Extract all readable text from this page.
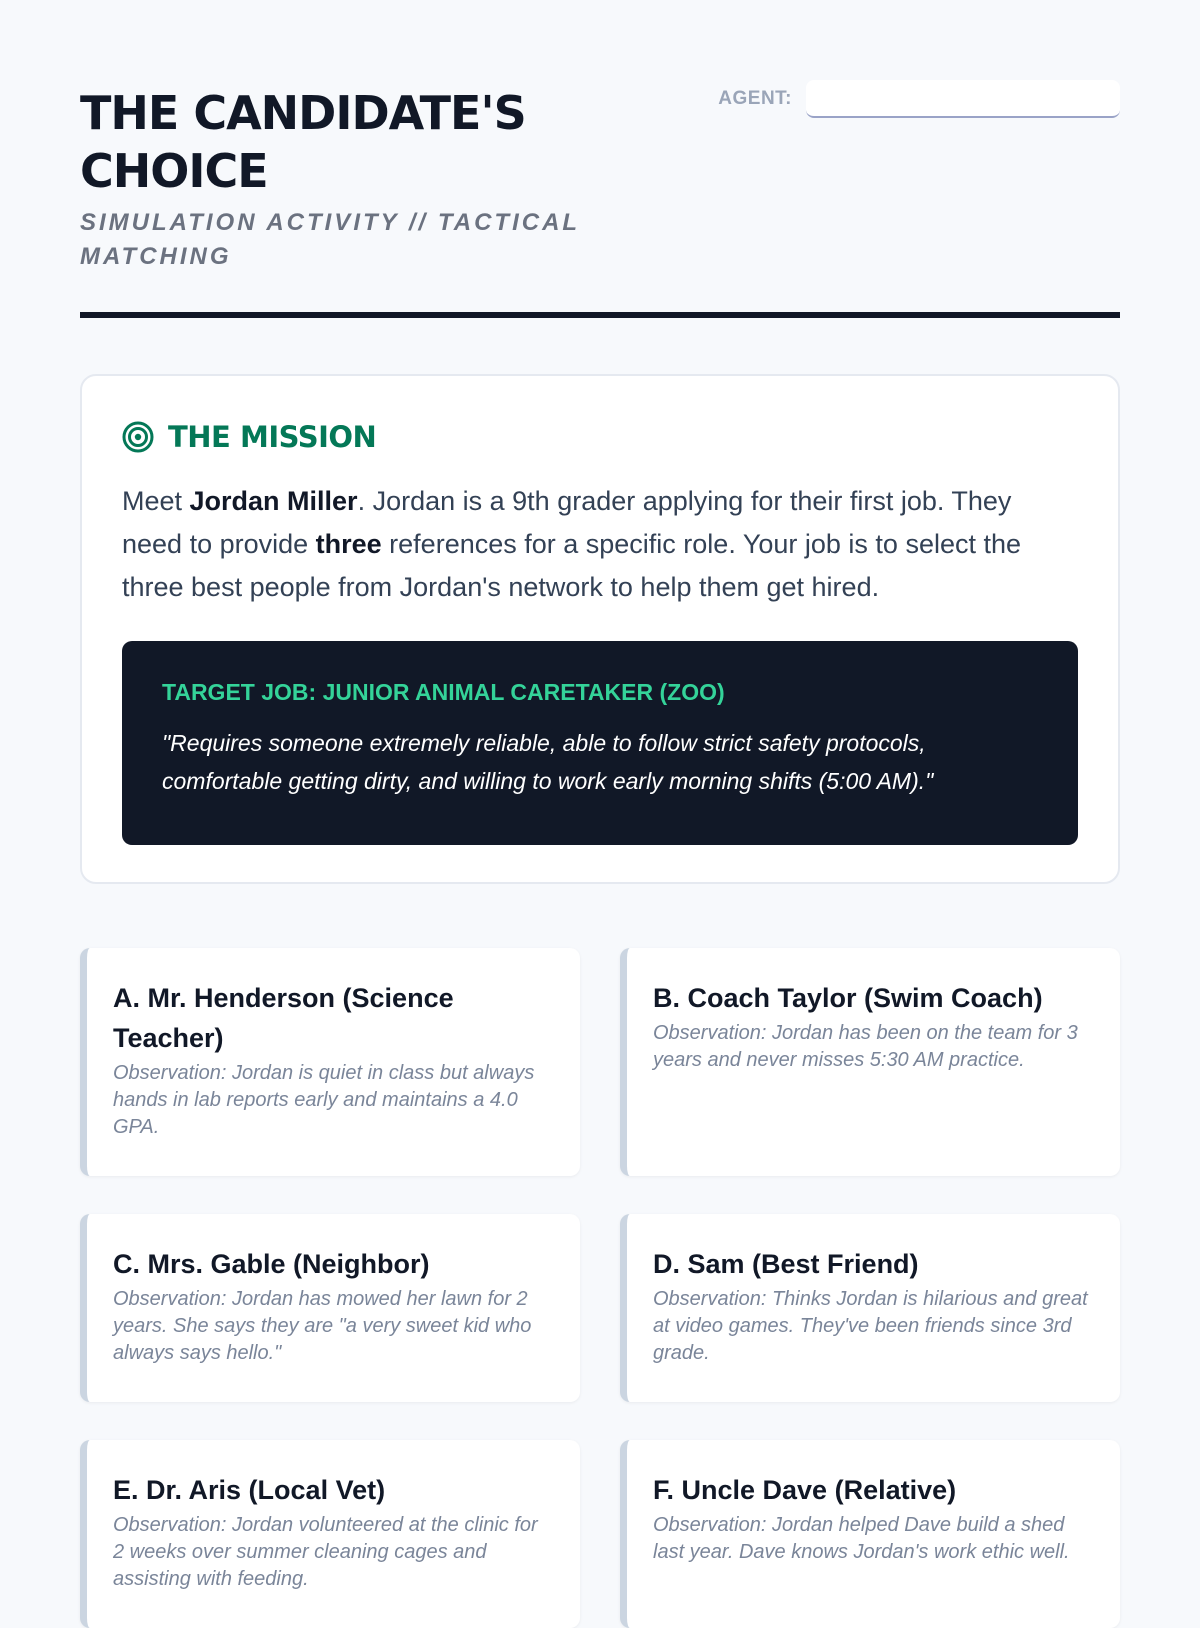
THE CANDIDATE'S CHOICE
SIMULATION ACTIVITY // TACTICAL MATCHING
AGENT:
THE MISSION

Meet Jordan Miller. Jordan is a 9th grader applying for their first job. They need to provide three references for a specific role. Your job is to select the three best people from Jordan's network to help them get hired.

TARGET JOB: JUNIOR ANIMAL CARETAKER (ZOO)
"Requires someone extremely reliable, able to follow strict safety protocols, comfortable getting dirty, and willing to work early morning shifts (5:00 AM)."
A. Mr. Henderson (Science Teacher)
Observation: Jordan is quiet in class but always hands in lab reports early and maintains a 4.0 GPA.
B. Coach Taylor (Swim Coach)
Observation: Jordan has been on the team for 3 years and never misses 5:30 AM practice.
C. Mrs. Gable (Neighbor)
Observation: Jordan has mowed her lawn for 2 years. She says they are "a very sweet kid who always says hello."
D. Sam (Best Friend)
Observation: Thinks Jordan is hilarious and great at video games. They've been friends since 3rd grade.
E. Dr. Aris (Local Vet)
Observation: Jordan volunteered at the clinic for 2 weeks over summer cleaning cages and assisting with feeding.
F. Uncle Dave (Relative)
Observation: Jordan helped Dave build a shed last year. Dave knows Jordan's work ethic well.
